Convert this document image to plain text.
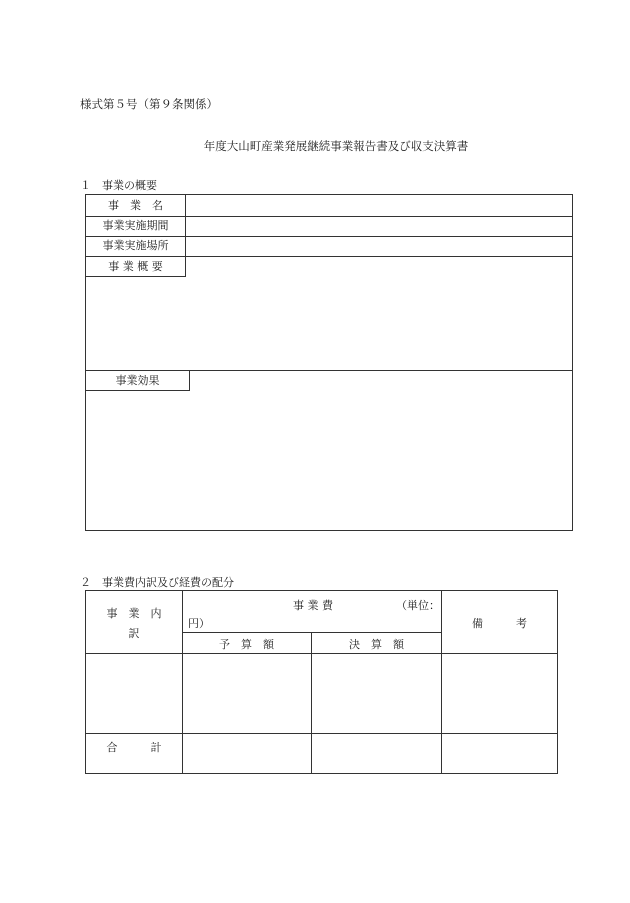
様式第５号（第９条関係）
年度大山町産業発展継続事業報告書及び収支決算書
１　事業の概要
事　業　名
事業実施期間
事業実施場所
事 業 概 要
事業効果
２　事業費内訳及び経費の配分
事　業　内
訳
事 業 費	（単位：
円）
予　算　額	決　算　額
備　　　考
合　　　計
